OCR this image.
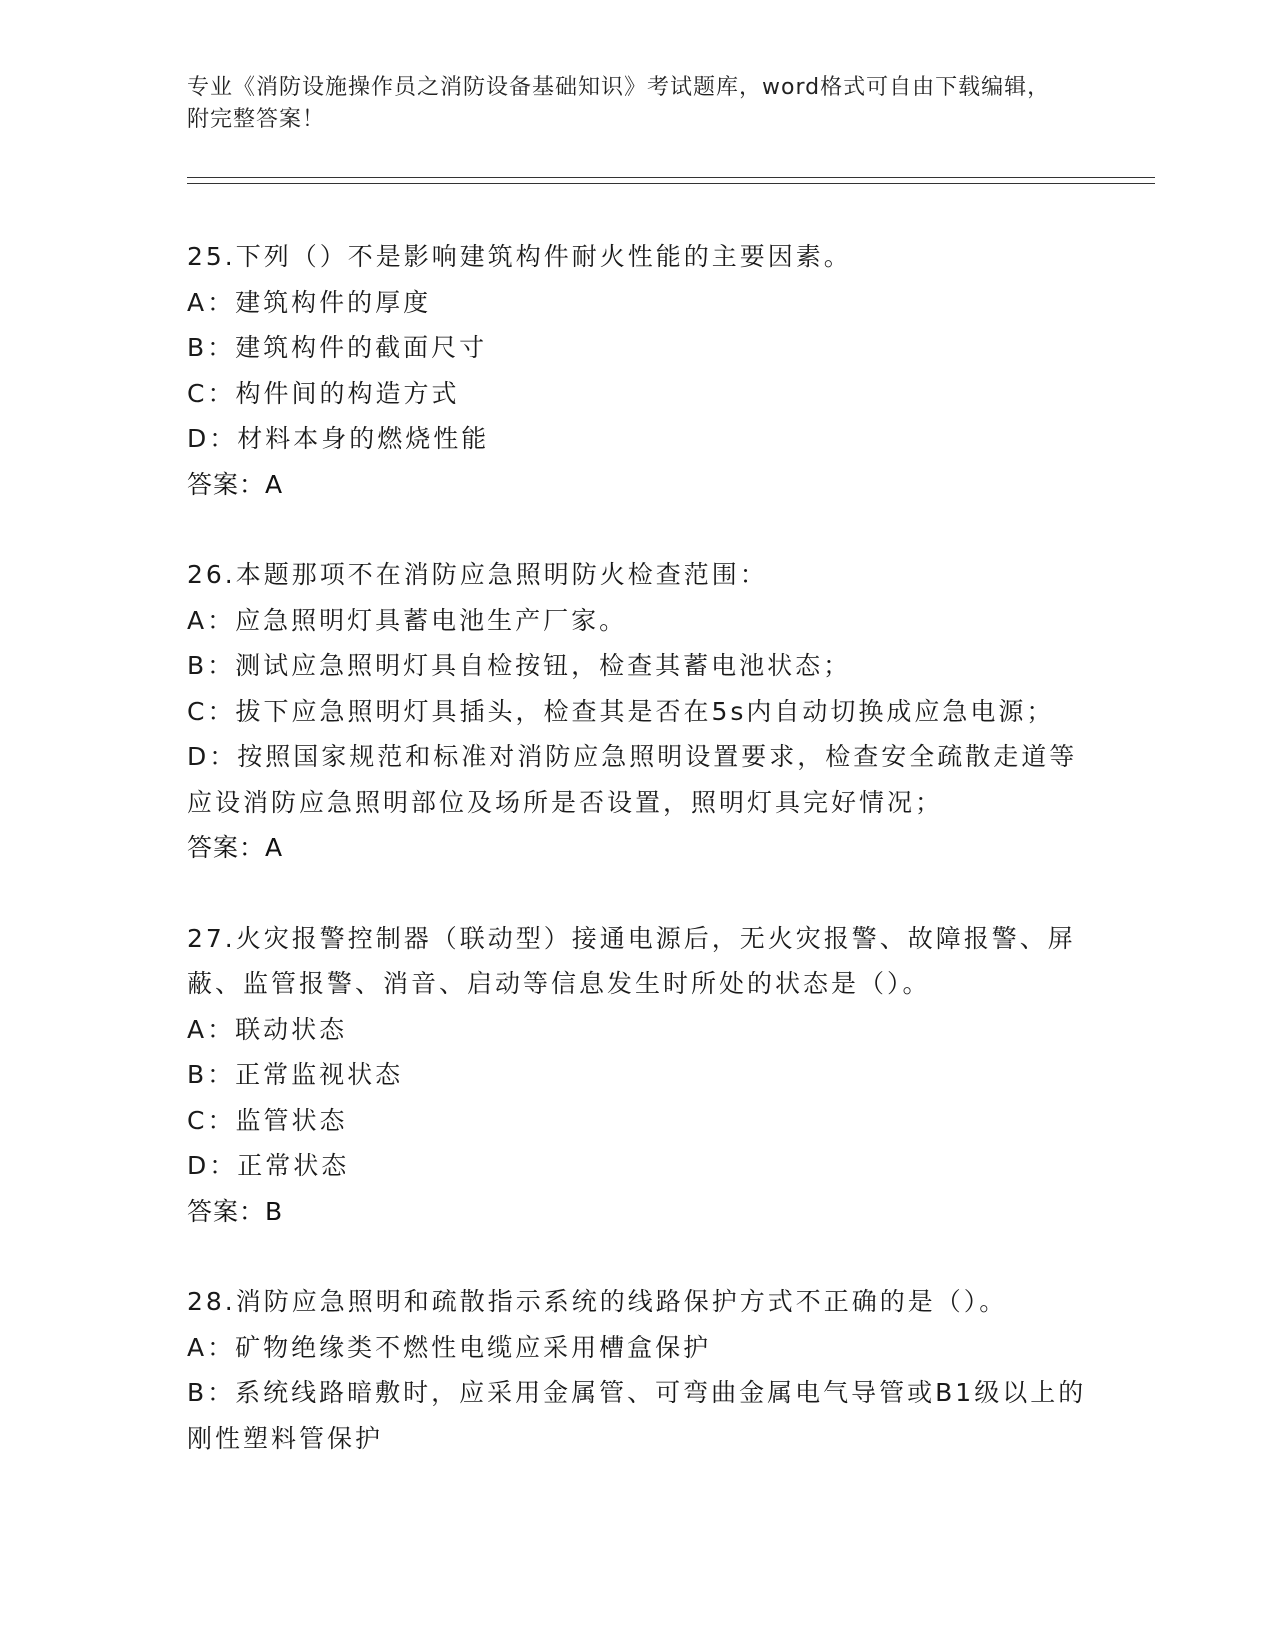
专业《消防设施操作员之消防设备基础知识》考试题库，word格式可自由下载编辑，附完整答案！
25.下列（）不是影响建筑构件耐火性能的主要因素。
A：建筑构件的厚度
B：建筑构件的截面尺寸
C：构件间的构造方式
D：材料本身的燃烧性能
答案：A
26.本题那项不在消防应急照明防火检查范围：
A：应急照明灯具蓄电池生产厂家。
B：测试应急照明灯具自检按钮，检查其蓄电池状态；
C：拔下应急照明灯具插头，检查其是否在5s内自动切换成应急电源；
D：按照国家规范和标准对消防应急照明设置要求，检查安全疏散走道等应设消防应急照明部位及场所是否设置，照明灯具完好情况；
答案：A
27.火灾报警控制器（联动型）接通电源后，无火灾报警、故障报警、屏蔽、监管报警、消音、启动等信息发生时所处的状态是（）。
A：联动状态
B：正常监视状态
C：监管状态
D：正常状态
答案：B
28.消防应急照明和疏散指示系统的线路保护方式不正确的是（）。
A：矿物绝缘类不燃性电缆应采用槽盒保护
B：系统线路暗敷时，应采用金属管、可弯曲金属电气导管或B1级以上的刚性塑料管保护
